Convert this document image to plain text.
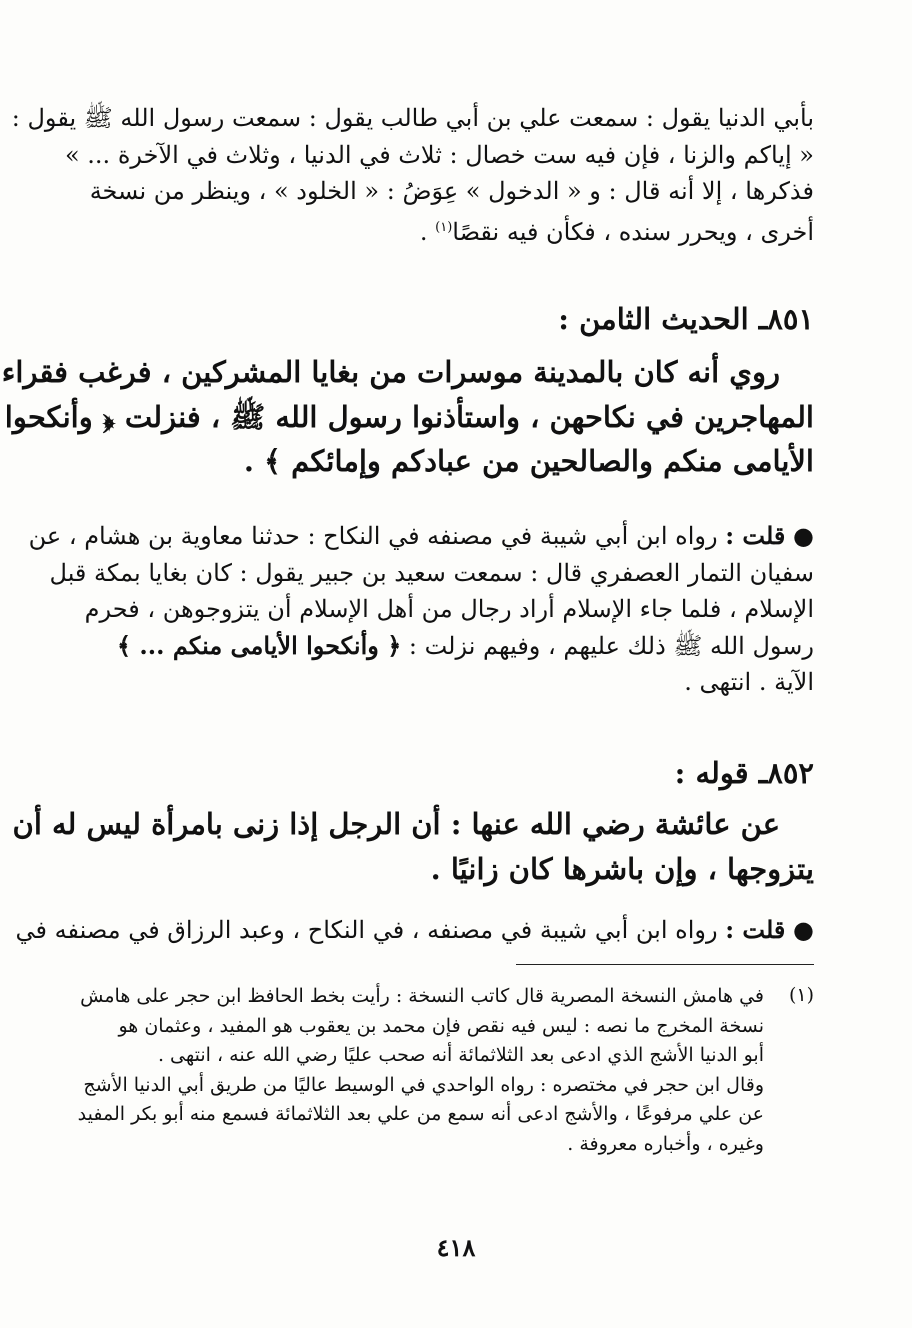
بأبي الدنيا يقول : سمعت علي بن أبي طالب يقول : سمعت رسول الله ﷺ يقول :
« إياكم والزنا ، فإن فيه ست خصال : ثلاث في الدنيا ، وثلاث في الآخرة ... »
فذكرها ، إلا أنه قال : و « الدخول » عِوَضُ : « الخلود » ، وينظر من نسخة
أخرى ، ويحرر سنده ، فكأن فيه نقصًا$^{(١)}$ .
٨٥١ـ الحديث الثامن :
روي أنه كان بالمدينة موسرات من بغايا المشركين ، فرغب فقراء
المهاجرين في نكاحهن ، واستأذنوا رسول الله ﷺ ، فنزلت ﴿ وأنكحوا
الأيامى منكم والصالحين من عبادكم وإمائكم ﴾ .
● قلت : رواه ابن أبي شيبة في مصنفه في النكاح : حدثنا معاوية بن هشام ، عن
سفيان التمار العصفري قال : سمعت سعيد بن جبير يقول : كان بغايا بمكة قبل
الإسلام ، فلما جاء الإسلام أراد رجال من أهل الإسلام أن يتزوجوهن ، فحرم
رسول الله ﷺ ذلك عليهم ، وفيهم نزلت : ﴿ وأنكحوا الأيامى منكم ... ﴾
الآية . انتهى .
٨٥٢ـ قوله :
عن عائشة رضي الله عنها : أن الرجل إذا زنى بامرأة ليس له أن
يتزوجها ، وإن باشرها كان زانيًا .
● قلت : رواه ابن أبي شيبة في مصنفه ، في النكاح ، وعبد الرزاق في مصنفه في
(١)
في هامش النسخة المصرية قال كاتب النسخة : رأيت بخط الحافظ ابن حجر على هامش
نسخة المخرج ما نصه : ليس فيه نقص فإن محمد بن يعقوب هو المفيد ، وعثمان هو
أبو الدنيا الأشج الذي ادعى بعد الثلاثمائة أنه صحب عليًا رضي الله عنه ، انتهى .
وقال ابن حجر في مختصره : رواه الواحدي في الوسيط عاليًا من طريق أبي الدنيا الأشج
عن علي مرفوعًا ، والأشج ادعى أنه سمع من علي بعد الثلاثمائة فسمع منه أبو بكر المفيد
وغيره ، وأخباره معروفة .
٤١٨
